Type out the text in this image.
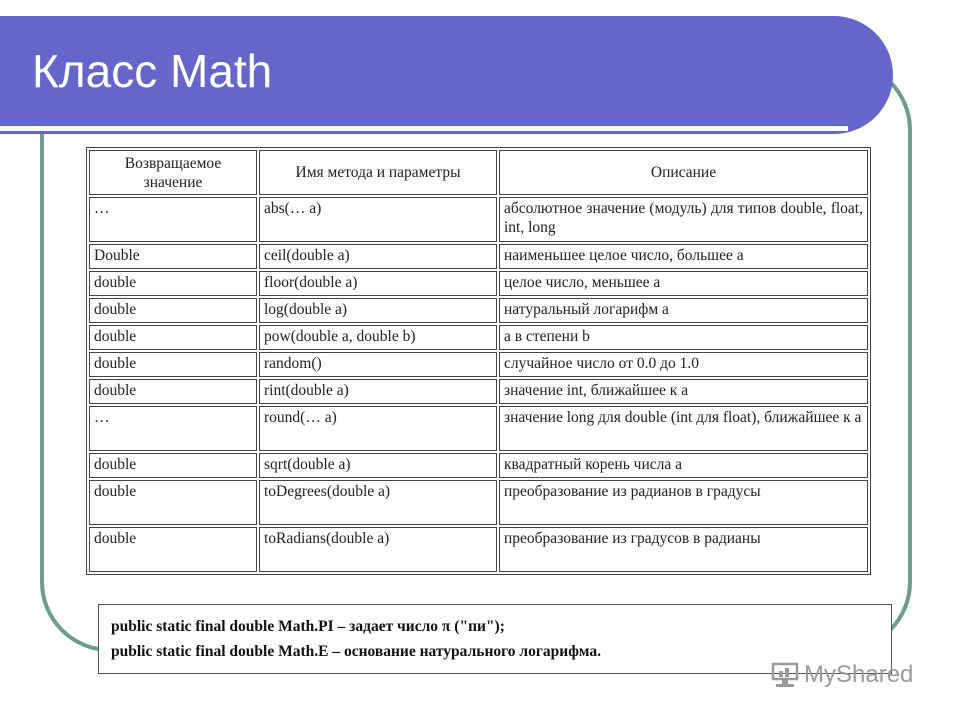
Класс Math
Возвращаемое значение	Имя метода и параметры	Описание
…	abs(… a)	абсолютное значение (модуль) для типов double, float, int, long
Double	ceil(double a)	наименьшее целое число, большее a
double	floor(double a)	целое число, меньшее a
double	log(double a)	натуральный логарифм a
double	pow(double a, double b)	a в степени b
double	random()	случайное число от 0.0 до 1.0
double	rint(double a)	значение int, ближайшее к a
…	round(… a)	значение long для double (int для float), ближайшее к a
double	sqrt(double a)	квадратный корень числа a
double	toDegrees(double a)	преобразование из радианов в градусы
double	toRadians(double a)	преобразование из градусов в радианы
public static final double Math.PI – задает число π ("пи");
public static final double Math.E – основание натурального логарифма.
MyShared
